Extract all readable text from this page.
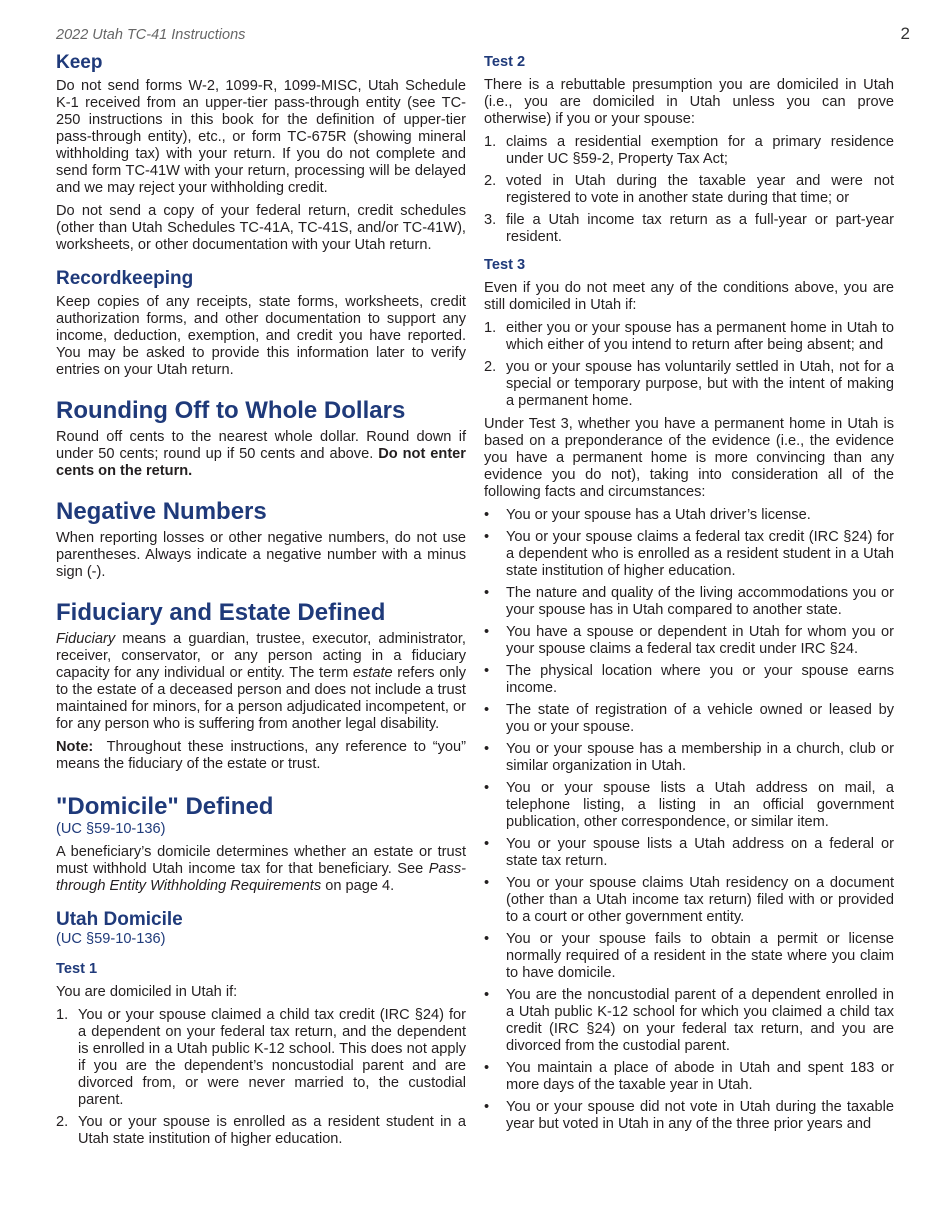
2022 Utah TC-41 Instructions	2
Keep

Do not send forms W-2, 1099-R, 1099-MISC, Utah Schedule K-1 received from an upper-tier pass-through entity (see TC-250 instructions in this book for the definition of upper-tier pass-through entity), etc., or form TC-675R (showing mineral withholding tax) with your return. If you do not complete and send form TC-41W with your return, processing will be delayed and we may reject your withholding credit.

Do not send a copy of your federal return, credit schedules (other than Utah Schedules TC-41A, TC-41S, and/or TC-41W), worksheets, or other documentation with your Utah return.

Recordkeeping

Keep copies of any receipts, state forms, worksheets, credit authorization forms, and other documentation to support any income, deduction, exemption, and credit you have reported. You may be asked to provide this information later to verify entries on your Utah return.

Rounding Off to Whole Dollars

Round off cents to the nearest whole dollar. Round down if under 50 cents; round up if 50 cents and above. Do not enter cents on the return.

Negative Numbers

When reporting losses or other negative numbers, do not use parentheses. Always indicate a negative number with a minus sign (-).

Fiduciary and Estate Defined

Fiduciary means a guardian, trustee, executor, administrator, receiver, conservator, or any person acting in a fiduciary capacity for any individual or entity. The term estate refers only to the estate of a deceased person and does not include a trust maintained for minors, for a person adjudicated incompetent, or for any person who is suffering from another legal disability.

Note: Throughout these instructions, any reference to “you” means the fiduciary of the estate or trust.

"Domicile" Defined
(UC §59-10-136)

A beneficiary’s domicile determines whether an estate or trust must withhold Utah income tax for that beneficiary. See Pass-through Entity Withholding Requirements on page 4.

Utah Domicile
(UC §59-10-136)
Test 1

You are domiciled in Utah if:

1. You or your spouse claimed a child tax credit (IRC §24) for a dependent on your federal tax return, and the dependent is enrolled in a Utah public K-12 school. This does not apply if you are the dependent’s noncustodial parent and are divorced from, or were never married to, the custodial parent.
2. You or your spouse is enrolled as a resident student in a Utah state institution of higher education.
Test 2

There is a rebuttable presumption you are domiciled in Utah (i.e., you are domiciled in Utah unless you can prove otherwise) if you or your spouse:

1. claims a residential exemption for a primary residence under UC §59-2, Property Tax Act;
2. voted in Utah during the taxable year and were not registered to vote in another state during that time; or
3. file a Utah income tax return as a full-year or part-year resident.
Test 3

Even if you do not meet any of the conditions above, you are still domiciled in Utah if:

1. either you or your spouse has a permanent home in Utah to which either of you intend to return after being absent; and
2. you or your spouse has voluntarily settled in Utah, not for a special or temporary purpose, but with the intent of making a permanent home.

Under Test 3, whether you have a permanent home in Utah is based on a preponderance of the evidence (i.e., the evidence you have a permanent home is more convincing than any evidence you do not), taking into consideration all of the following facts and circumstances:

• You or your spouse has a Utah driver’s license.
• You or your spouse claims a federal tax credit (IRC §24) for a dependent who is enrolled as a resident student in a Utah state institution of higher education.
• The nature and quality of the living accommodations you or your spouse has in Utah compared to another state.
• You have a spouse or dependent in Utah for whom you or your spouse claims a federal tax credit under IRC §24.
• The physical location where you or your spouse earns income.
• The state of registration of a vehicle owned or leased by you or your spouse.
• You or your spouse has a membership in a church, club or similar organization in Utah.
• You or your spouse lists a Utah address on mail, a telephone listing, a listing in an official government publication, other correspondence, or similar item.
• You or your spouse lists a Utah address on a federal or state tax return.
• You or your spouse claims Utah residency on a document (other than a Utah income tax return) filed with or provided to a court or other government entity.
• You or your spouse fails to obtain a permit or license normally required of a resident in the state where you claim to have domicile.
• You are the noncustodial parent of a dependent enrolled in a Utah public K-12 school for which you claimed a child tax credit (IRC §24) on your federal tax return, and you are divorced from the custodial parent.
• You maintain a place of abode in Utah and spent 183 or more days of the taxable year in Utah.
• You or your spouse did not vote in Utah during the taxable year but voted in Utah in any of the three prior years and
